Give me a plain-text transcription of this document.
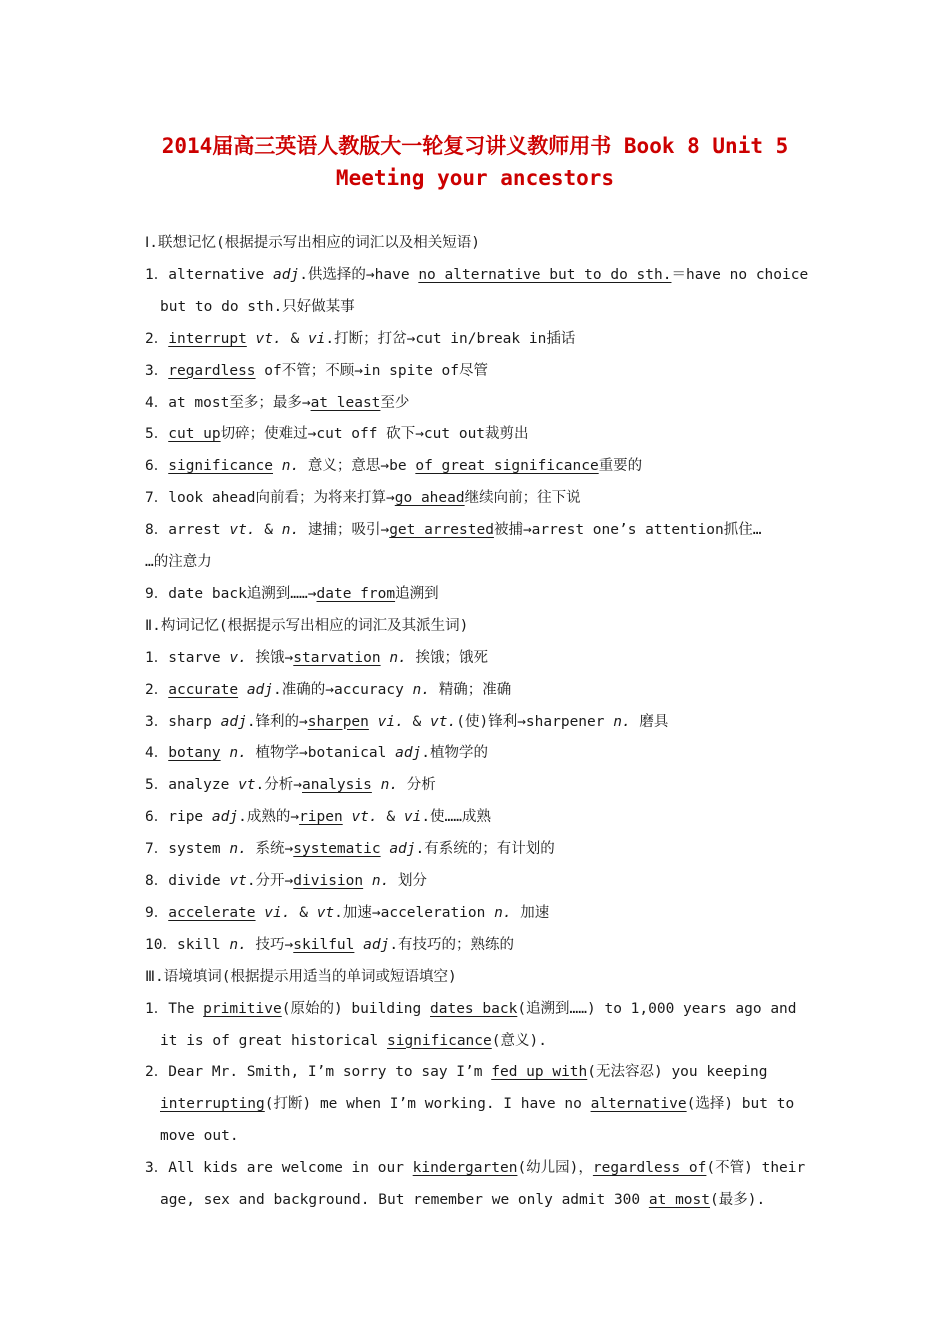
2014届高三英语人教版大一轮复习讲义教师用书 Book 8 Unit 5
Meeting your ancestors
Ⅰ.联想记忆(根据提示写出相应的词汇以及相关短语)
1．alternative adj.供选择的→have no alternative but to do sth.＝have no choice
but to do sth.只好做某事
2．interrupt vt. & vi.打断；打岔→cut in/break in插话
3．regardless of不管；不顾→in spite of尽管
4．at most至多；最多→at least至少
5．cut up切碎；使难过→cut off 砍下→cut out裁剪出
6．significance n. 意义；意思→be of great significance重要的
7．look ahead向前看；为将来打算→go ahead继续向前；往下说
8．arrest vt. & n. 逮捕；吸引→get arrested被捕→arrest one’s attention抓住…
…的注意力
9．date back追溯到……→date from追溯到
Ⅱ.构词记忆(根据提示写出相应的词汇及其派生词)
1．starve v. 挨饿→starvation n. 挨饿；饿死
2．accurate adj.准确的→accuracy n. 精确；准确
3．sharp adj.锋利的→sharpen vi. & vt.(使)锋利→sharpener n. 磨具
4．botany n. 植物学→botanical adj.植物学的
5．analyze vt.分析→analysis n. 分析
6．ripe adj.成熟的→ripen vt. & vi.使……成熟
7．system n. 系统→systematic adj.有系统的；有计划的
8．divide vt.分开→division n. 划分
9．accelerate vi. & vt.加速→acceleration n. 加速
10．skill n. 技巧→skilful adj.有技巧的；熟练的
Ⅲ.语境填词(根据提示用适当的单词或短语填空)
1．The primitive(原始的) building dates back(追溯到……) to 1,000 years ago and
it is of great historical significance(意义).
2．Dear Mr. Smith, I’m sorry to say I’m fed up with(无法容忍) you keeping
interrupting(打断) me when I’m working. I have no alternative(选择) but to
move out.
3．All kids are welcome in our kindergarten(幼儿园)，regardless of(不管) their
age, sex and background. But remember we only admit 300 at most(最多).
